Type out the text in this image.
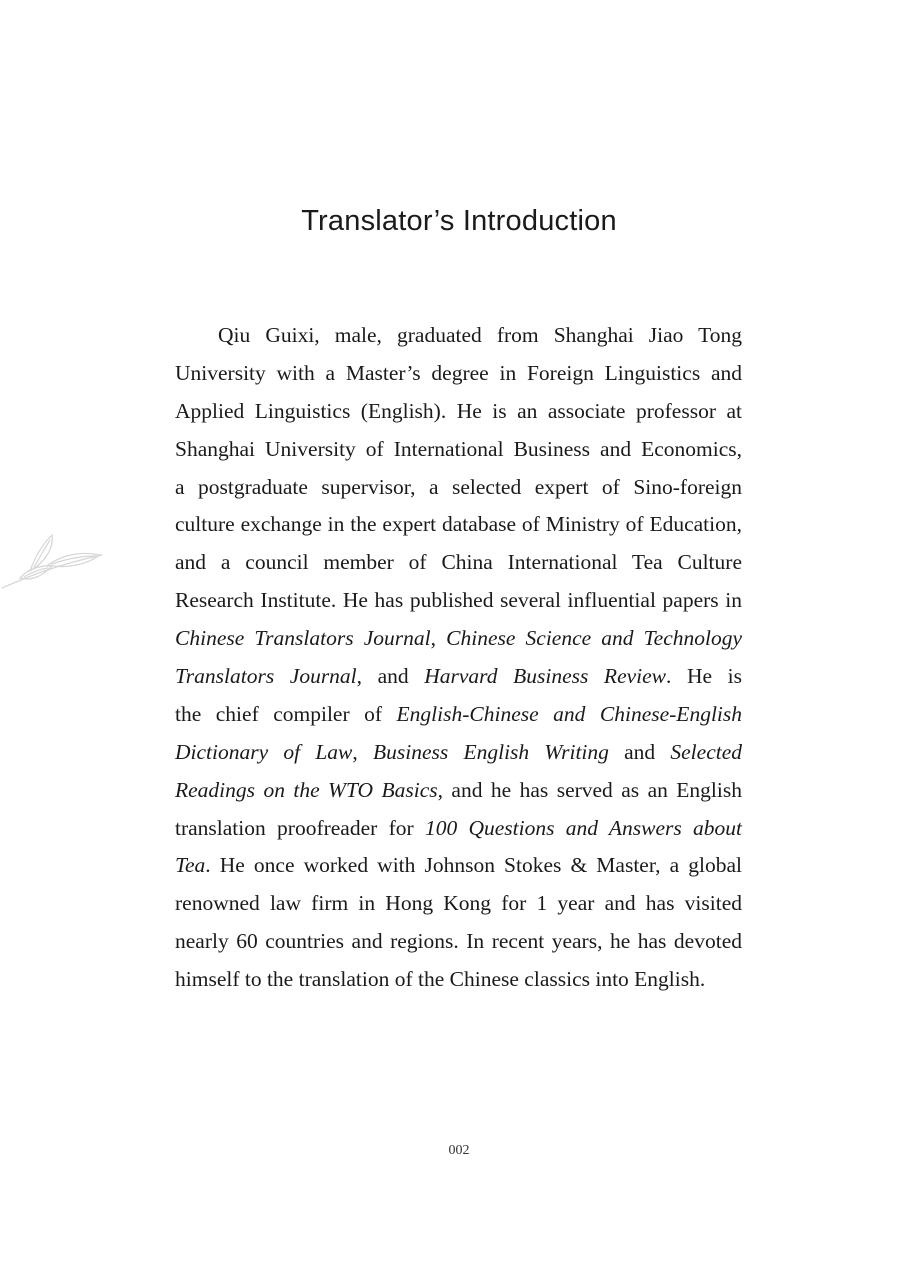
Translator’s Introduction
Qiu Guixi, male, graduated from Shanghai Jiao Tong
University with a Master’s degree in Foreign Linguistics and
Applied Linguistics (English). He is an associate professor at
Shanghai University of International Business and Economics,
a postgraduate supervisor, a selected expert of Sino-foreign
culture exchange in the expert database of Ministry of Education,
and a council member of China International Tea Culture
Research Institute. He has published several influential papers in
Chinese Translators Journal, Chinese Science and Technology
Translators Journal, and Harvard Business Review. He is
the chief compiler of English-Chinese and Chinese-English
Dictionary of Law, Business English Writing and Selected
Readings on the WTO Basics, and he has served as an English
translation proofreader for 100 Questions and Answers about
Tea. He once worked with Johnson Stokes & Master, a global
renowned law firm in Hong Kong for 1 year and has visited
nearly 60 countries and regions. In recent years, he has devoted
himself to the translation of the Chinese classics into English.
002
